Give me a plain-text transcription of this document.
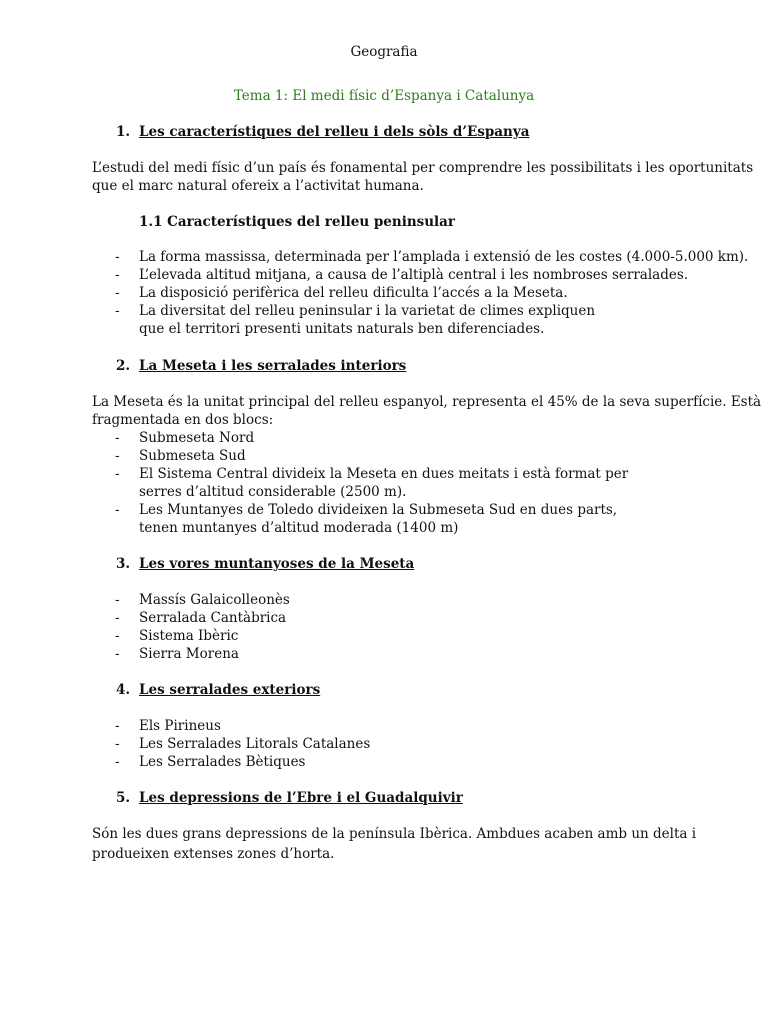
Geografia
Tema 1: El medi físic d’Espanya i Catalunya
1. Les característiques del relleu i dels sòls d’Espanya
L’estudi del medi físic d’un país és fonamental per comprendre les possibilitats i les oportunitats
que el marc natural ofereix a l’activitat humana.
1.1 Característiques del relleu peninsular
- La forma massissa, determinada per l’amplada i extensió de les costes (4.000-5.000 km).
- L’elevada altitud mitjana, a causa de l’altiplà central i les nombroses serralades.
- La disposició perifèrica del relleu dificulta l’accés a la Meseta.
- La diversitat del relleu peninsular i la varietat de climes expliquen
que el territori presenti unitats naturals ben diferenciades.
2. La Meseta i les serralades interiors
La Meseta és la unitat principal del relleu espanyol, representa el 45% de la seva superfície. Està
fragmentada en dos blocs:
- Submeseta Nord
- Submeseta Sud
- El Sistema Central divideix la Meseta en dues meitats i està format per
serres d’altitud considerable (2500 m).
- Les Muntanyes de Toledo divideixen la Submeseta Sud en dues parts,
tenen muntanyes d’altitud moderada (1400 m)
3. Les vores muntanyoses de la Meseta
- Massís Galaicolleonès
- Serralada Cantàbrica
- Sistema Ibèric
- Sierra Morena
4. Les serralades exteriors
- Els Pirineus
- Les Serralades Litorals Catalanes
- Les Serralades Bètiques
5. Les depressions de l’Ebre i el Guadalquivir
Són les dues grans depressions de la península Ibèrica. Ambdues acaben amb un delta i
produeixen extenses zones d’horta.
